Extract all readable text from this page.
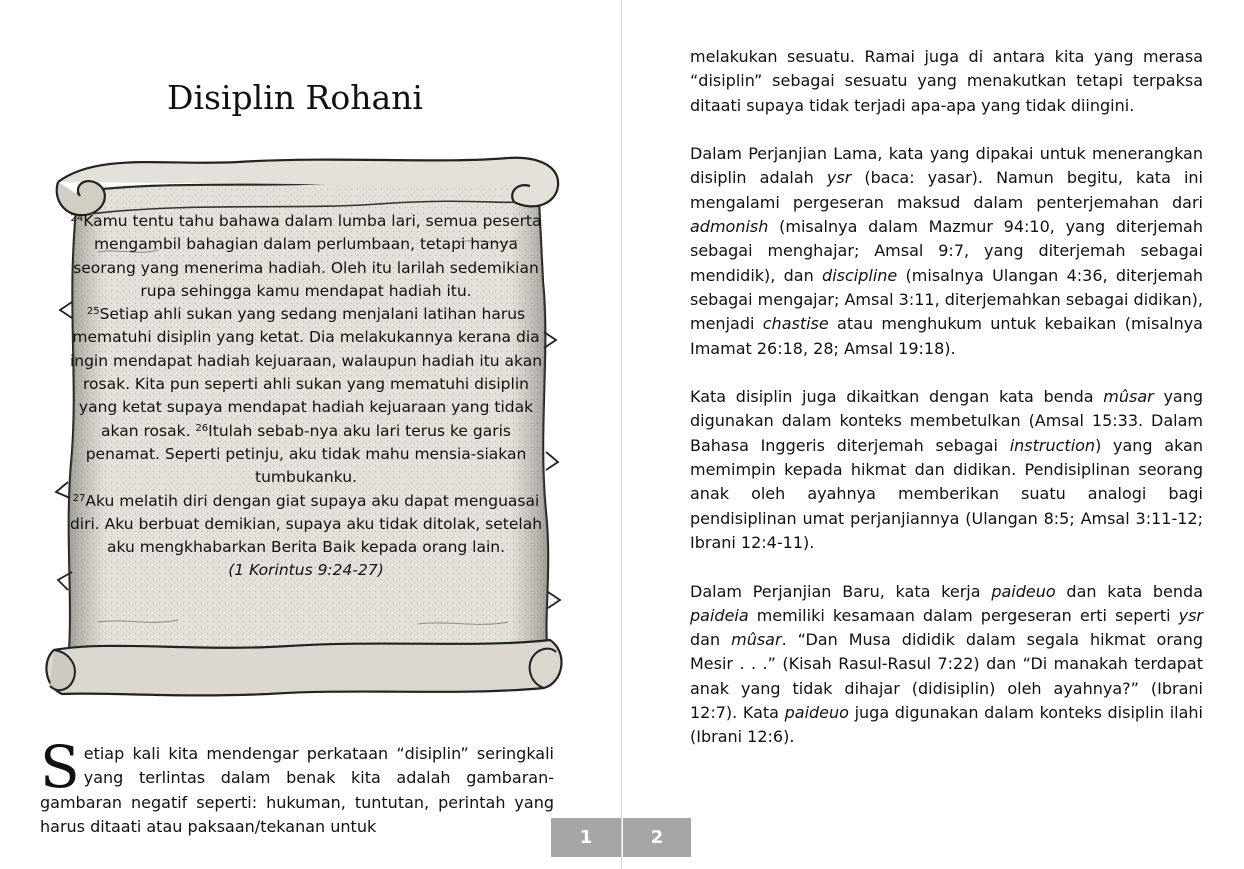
Disiplin Rohani
$^{24}$Kamu tentu tahu bahawa dalam lumba lari, semua peserta mengambil bahagian dalam perlumbaan, tetapi hanya seorang yang menerima hadiah. Oleh itu larilah sedemikian rupa sehingga kamu mendapat hadiah itu.
$^{25}$Setiap ahli sukan yang sedang menjalani latihan harus mematuhi disiplin yang ketat. Dia melakukannya kerana dia ingin mendapat hadiah kejuaraan, walaupun hadiah itu akan rosak. Kita pun seperti ahli sukan yang mematuhi disiplin yang ketat supaya mendapat hadiah kejuaraan yang tidak akan rosak. $^{26}$Itulah sebab-nya aku lari terus ke garis penamat. Seperti petinju, aku tidak mahu mensia-siakan tumbukanku.
$^{27}$Aku melatih diri dengan giat supaya aku dapat menguasai diri. Aku berbuat demikian, supaya aku tidak ditolak, setelah aku mengkhabarkan Berita Baik kepada orang lain.
(1 Korintus 9:24-27)
Setiap kali kita mendengar perkataan “disiplin” seringkali yang terlintas dalam benak kita adalah gambaran-gambaran negatif seperti: hukuman, tuntutan, perintah yang harus ditaati atau paksaan/tekanan untuk
1

melakukan sesuatu. Ramai juga di antara kita yang merasa “disiplin” sebagai sesuatu yang menakutkan tetapi terpaksa ditaati supaya tidak terjadi apa-apa yang tidak diingini.

Dalam Perjanjian Lama, kata yang dipakai untuk menerangkan disiplin adalah ysr (baca: yasar). Namun begitu, kata ini mengalami pergeseran maksud dalam penterjemahan dari admonish (misalnya dalam Mazmur 94:10, yang diterjemah sebagai menghajar; Amsal 9:7, yang diterjemah sebagai mendidik), dan discipline (misalnya Ulangan 4:36, diterjemah sebagai mengajar; Amsal 3:11, diterjemahkan sebagai didikan), menjadi chastise atau menghukum untuk kebaikan (misalnya Imamat 26:18, 28; Amsal 19:18).

Kata disiplin juga dikaitkan dengan kata benda mûsar yang digunakan dalam konteks membetulkan (Amsal 15:33. Dalam Bahasa Inggeris diterjemah sebagai instruction) yang akan memimpin kepada hikmat dan didikan. Pendisiplinan seorang anak oleh ayahnya memberikan suatu analogi bagi pendisiplinan umat perjanjiannya (Ulangan 8:5; Amsal 3:11-12; Ibrani 12:4-11).

Dalam Perjanjian Baru, kata kerja paideuo dan kata benda paideia memiliki kesamaan dalam pergeseran erti seperti ysr dan mûsar. “Dan Musa dididik dalam segala hikmat orang Mesir . . .” (Kisah Rasul-Rasul 7:22) dan “Di manakah terdapat anak yang tidak dihajar (didisiplin) oleh ayahnya?” (Ibrani 12:7). Kata paideuo juga digunakan dalam konteks disiplin ilahi (Ibrani 12:6).

2
